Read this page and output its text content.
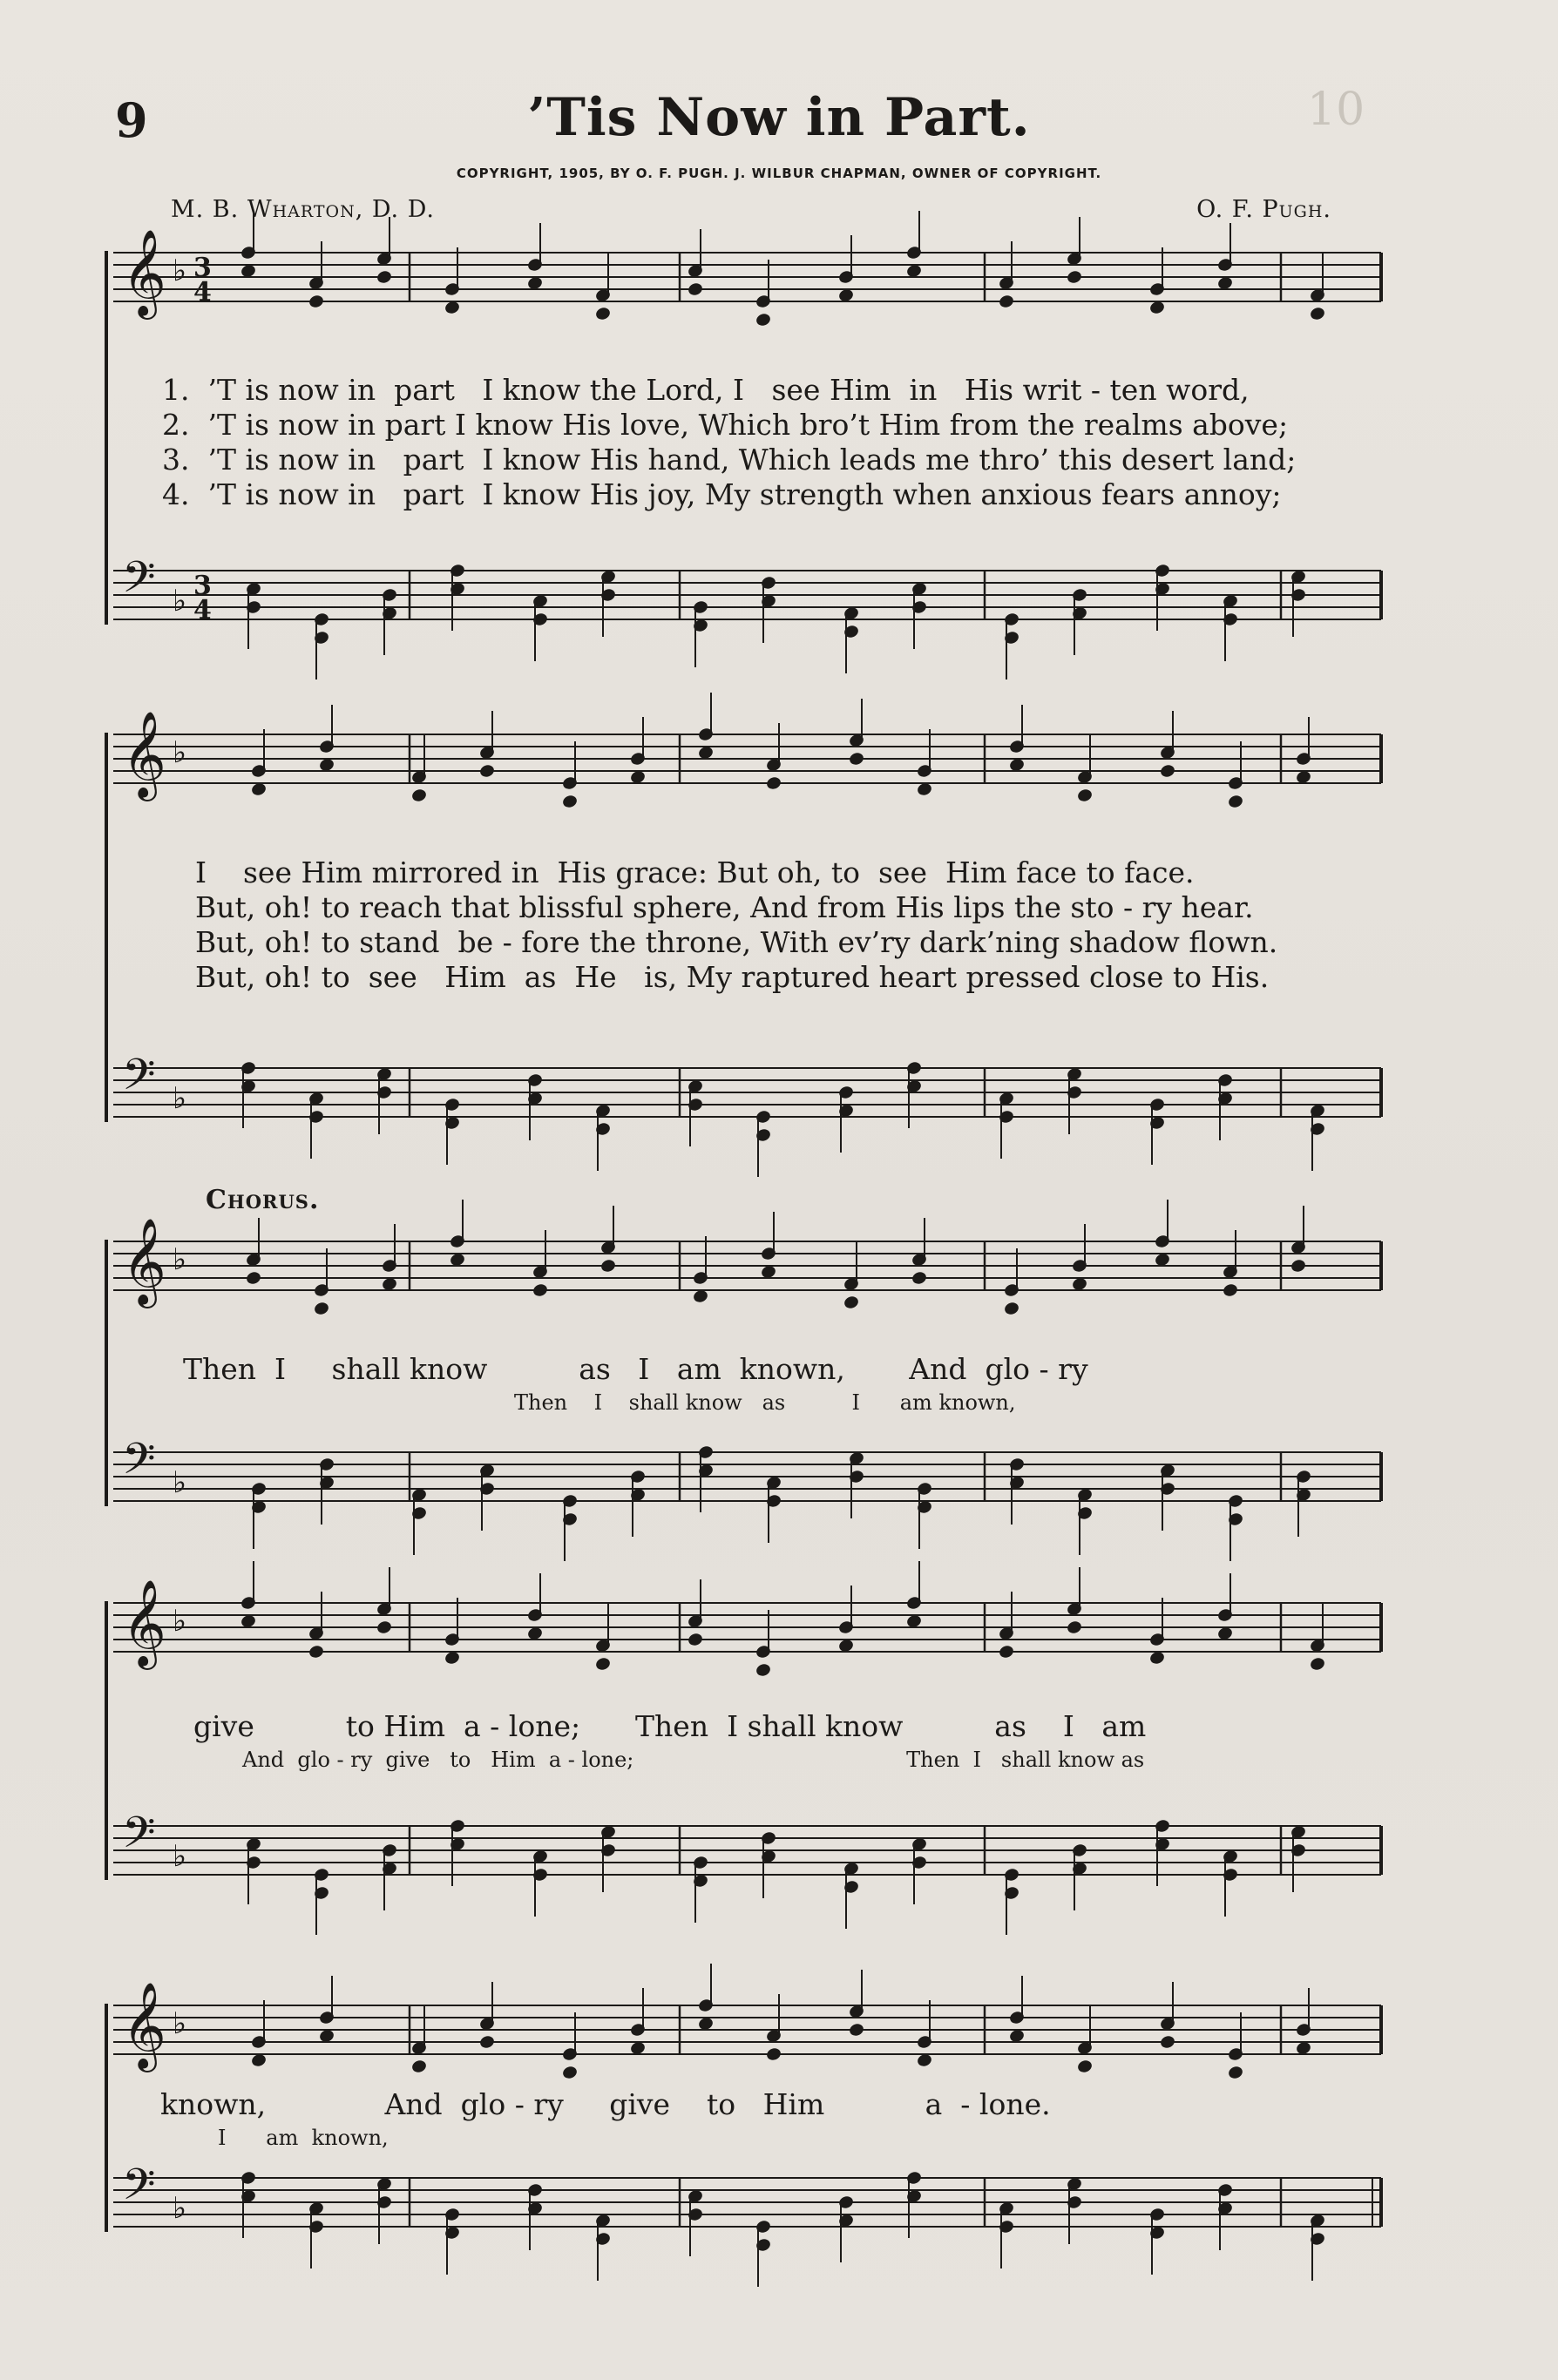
10
9	’Tis Now in Part.
COPYRIGHT, 1905, BY O. F. PUGH. J. WILBUR CHAPMAN, OWNER OF COPYRIGHT.
M. B. Wharton, D. D.	O. F. Pugh.
𝄞 ♭ 3
4
1.  ’T is now in  part   I know the Lord, I   see Him  in   His writ - ten word,
2.  ’T is now in part I know His love, Which bro’t Him from the realms above;
3.  ’T is now in   part  I know His hand, Which leads me thro’ this desert land;
4.  ’T is now in   part  I know His joy, My strength when anxious fears annoy;
𝄢 ♭ 3
4
𝄞 ♭
I    see Him mirrored in  His grace: But oh, to  see  Him face to face.
But, oh! to reach that blissful sphere, And from His lips the sto - ry hear.
But, oh! to stand  be - fore the throne, With ev’ry dark’ning shadow flown.
But, oh! to  see   Him  as  He   is, My raptured heart pressed close to His.
𝄢 ♭
Chorus.
𝄞 ♭
Then  I     shall know          as   I   am  known,       And  glo - ry
Then    I    shall know   as          I      am known,
𝄢 ♭
𝄞 ♭
give          to Him  a - lone;      Then  I shall know          as    I   am
And  glo - ry  give   to   Him  a - lone;                                         Then  I   shall know as
𝄢 ♭
𝄞 ♭
known,             And  glo - ry     give    to   Him           a  - lone.
I      am  known,
𝄢 ♭
